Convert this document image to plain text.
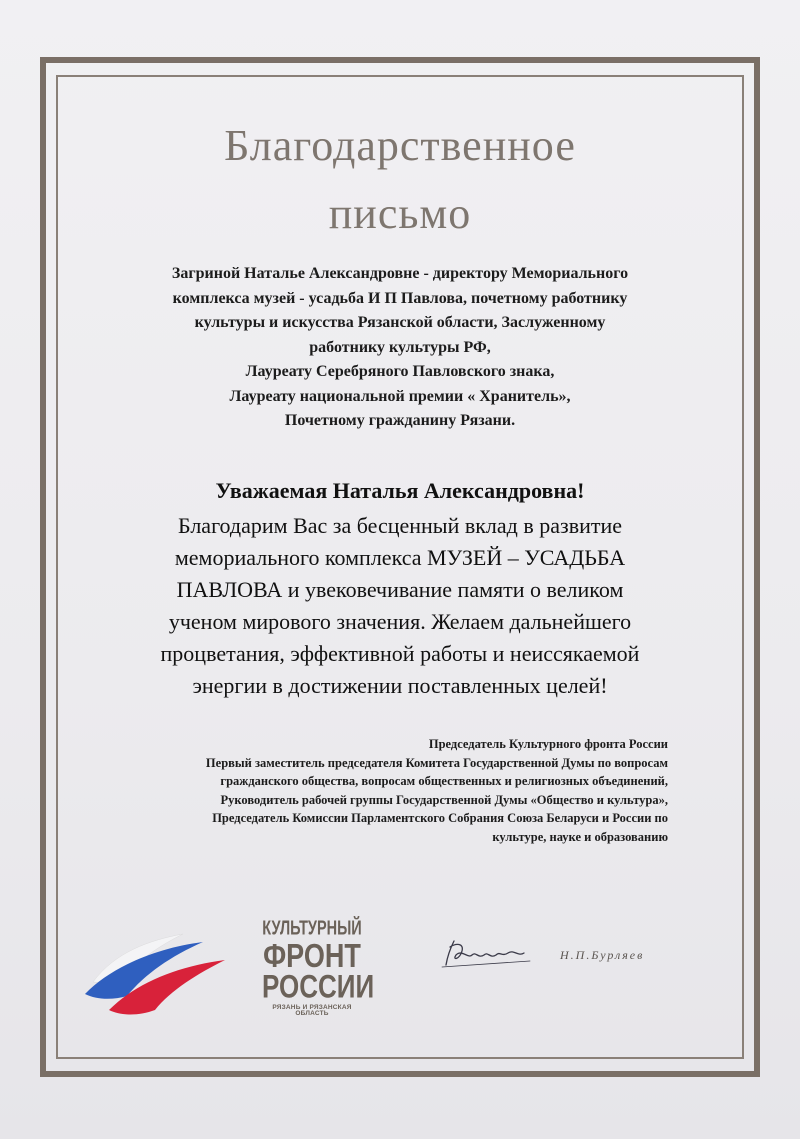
Благодарственное
письмо
Загриной Наталье Александровне - директору Мемориального
комплекса музей - усадьба И П Павлова, почетному работнику
культуры и искусства Рязанской области, Заслуженному
работнику культуры РФ,
Лауреату Серебряного Павловского знака,
Лауреату национальной премии « Хранитель»,
Почетному гражданину Рязани.
Уважаемая Наталья Александровна!
Благодарим Вас за бесценный вклад в развитие
мемориального комплекса МУЗЕЙ – УСАДЬБА
ПАВЛОВА и увековечивание памяти о великом
ученом мирового значения. Желаем дальнейшего
процветания, эффективной работы и неиссякаемой
энергии в достижении поставленных целей!
Председатель Культурного фронта России
Первый заместитель председателя Комитета Государственной Думы по вопросам
гражданского общества, вопросам общественных и религиозных объединений,
Руководитель рабочей группы Государственной Думы «Общество и культура»,
Председатель Комиссии Парламентского Собрания Союза Беларуси и России по
культуре, науке и образованию
КУЛЬТУРНЫЙ
ФРОНТ
РОССИИ
РЯЗАНЬ И РЯЗАНСКАЯ ОБЛАСТЬ
Н.П.Бурляев
